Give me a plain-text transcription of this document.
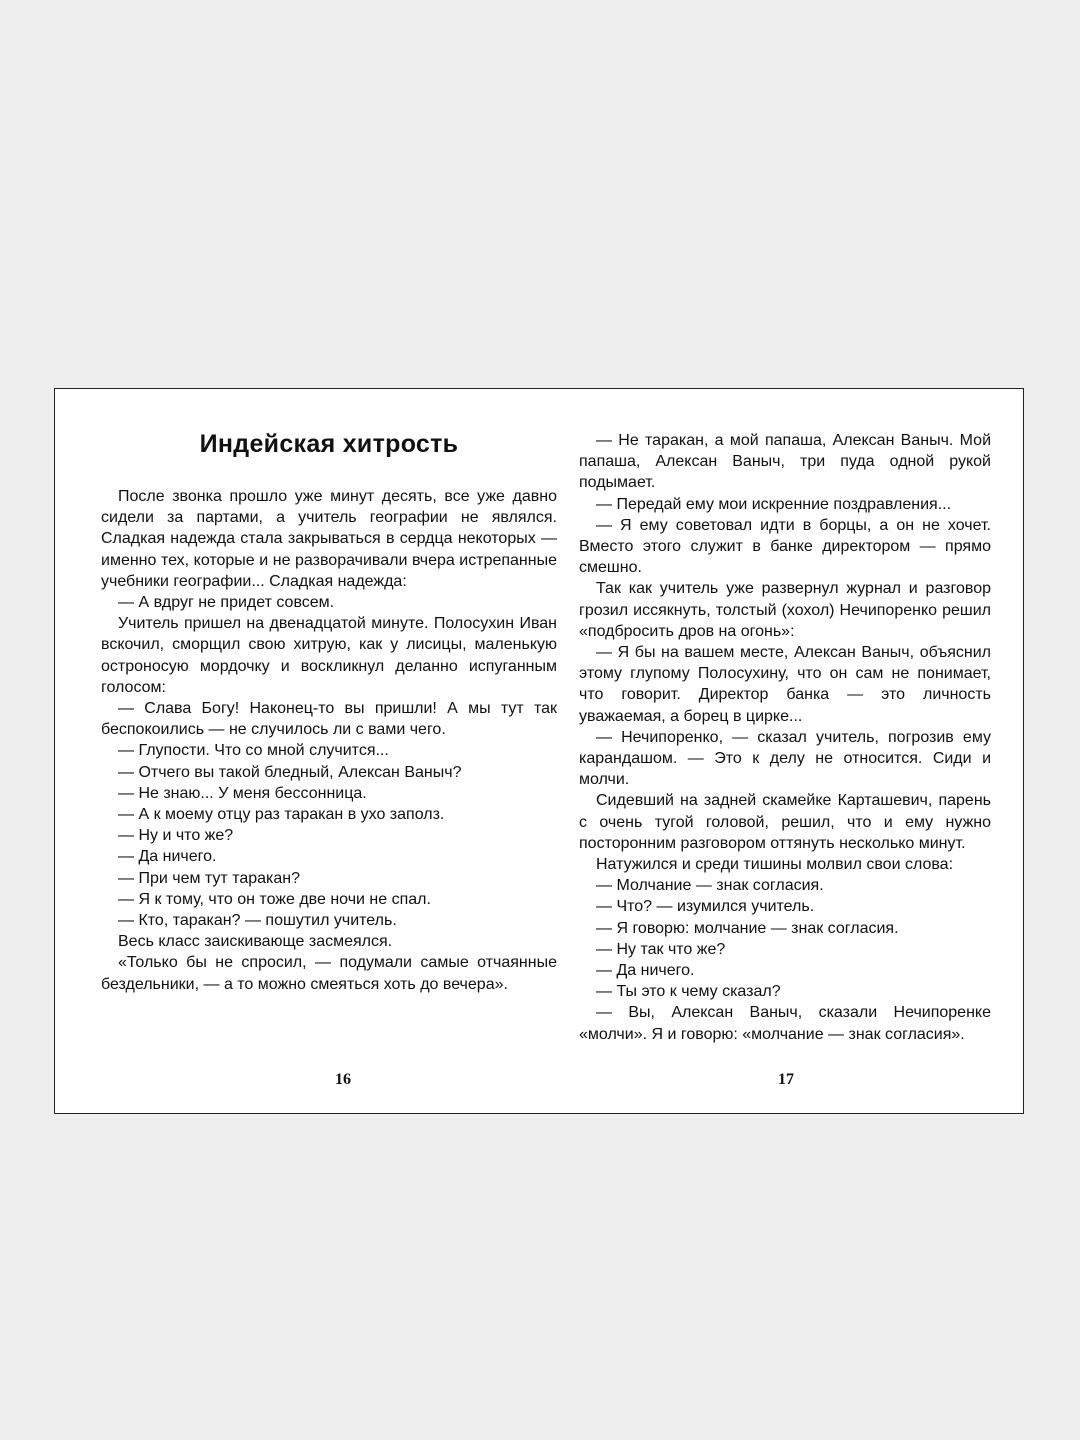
Индейская хитрость

После звонка прошло уже минут десять, все уже давно сидели за партами, а учитель географии не являлся. Сладкая надежда стала закрываться в сердца некоторых — именно тех, которые и не разворачивали вчера истрепанные учебники географии... Сладкая надежда:

— А вдруг не придет совсем.

Учитель пришел на двенадцатой минуте. Полосухин Иван вскочил, сморщил свою хитрую, как у лисицы, маленькую остроносую мордочку и воскликнул деланно испуганным голосом:

— Слава Богу! Наконец-то вы пришли! А мы тут так беспокоились — не случилось ли с вами чего.

— Глупости. Что со мной случится...

— Отчего вы такой бледный, Алексан Ваныч?

— Не знаю... У меня бессонница.

— А к моему отцу раз таракан в ухо заполз.

— Ну и что же?

— Да ничего.

— При чем тут таракан?

— Я к тому, что он тоже две ночи не спал.

— Кто, таракан? — пошутил учитель.

Весь класс заискивающе засмеялся.

«Только бы не спросил, — подумали самые отчаянные бездельники, — а то можно смеяться хоть до вечера».

16

— Не таракан, а мой папаша, Алексан Ваныч. Мой папаша, Алексан Ваныч, три пуда одной рукой подымает.

— Передай ему мои искренние поздравления...

— Я ему советовал идти в борцы, а он не хочет. Вместо этого служит в банке директором — прямо смешно.

Так как учитель уже развернул журнал и разговор грозил иссякнуть, толстый (хохол) Нечипоренко решил «подбросить дров на огонь»:

— Я бы на вашем месте, Алексан Ваныч, объяснил этому глупому Полосухину, что он сам не понимает, что говорит. Директор банка — это личность уважаемая, а борец в цирке...

— Нечипоренко, — сказал учитель, погрозив ему карандашом. — Это к делу не относится. Сиди и молчи.

Сидевший на задней скамейке Карташевич, парень с очень тугой головой, решил, что и ему нужно посторонним разговором оттянуть несколько минут.

Натужился и среди тишины молвил свои слова:

— Молчание — знак согласия.

— Что? — изумился учитель.

— Я говорю: молчание — знак согласия.

— Ну так что же?

— Да ничего.

— Ты это к чему сказал?

— Вы, Алексан Ваныч, сказали Нечипоренке «молчи». Я и говорю: «молчание — знак согласия».

17
